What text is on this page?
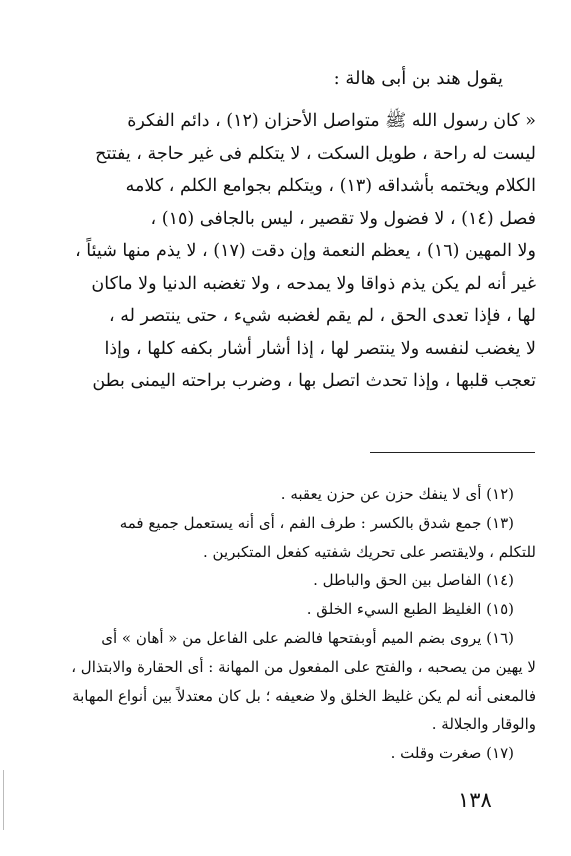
يقول هند بن أبى هالة :
« كان رسول الله ﷺ متواصل الأحزان (١٢) ، دائم الفكرة
ليست له راحة ، طويل السكت ، لا يتكلم فى غير حاجة ، يفتتح
الكلام ويختمه بأشداقه (١٣) ، ويتكلم بجوامع الكلم ، كلامه
فصل (١٤) ، لا فضول ولا تقصير ، ليس بالجافى (١٥) ،
ولا المهين (١٦) ، يعظم النعمة وإن دقت (١٧) ، لا يذم منها شيئاً ،
غير أنه لم يكن يذم ذواقا ولا يمدحه ، ولا تغضبه الدنيا ولا ماكان
لها ، فإذا تعدى الحق ، لم يقم لغضبه شيء ، حتى ينتصر له ،
لا يغضب لنفسه ولا ينتصر لها ، إذا أشار أشار بكفه كلها ، وإذا
تعجب قلبها ، وإذا تحدث اتصل بها ، وضرب براحته اليمنى بطن
(١٢) أى لا ينفك حزن عن حزن يعقبه .
(١٣) جمع شدق بالكسر : طرف الفم ، أى أنه يستعمل جميع فمه
للتكلم ، ولايقتصر على تحريك شفتيه كفعل المتكبرين .
(١٤) الفاصل بين الحق والباطل .
(١٥) الغليظ الطبع السيء الخلق .
(١٦) يروى بضم الميم أوبفتحها فالضم على الفاعل من « أهان » أى
لا يهين من يصحبه ، والفتح على المفعول من المهانة : أى الحقارة والابتذال ،
فالمعنى أنه لم يكن غليظ الخلق ولا ضعيفه ؛ بل كان معتدلاً بين أنواع المهابة
والوقار والجلالة .
(١٧) صغرت وقلت .
١٣٨
